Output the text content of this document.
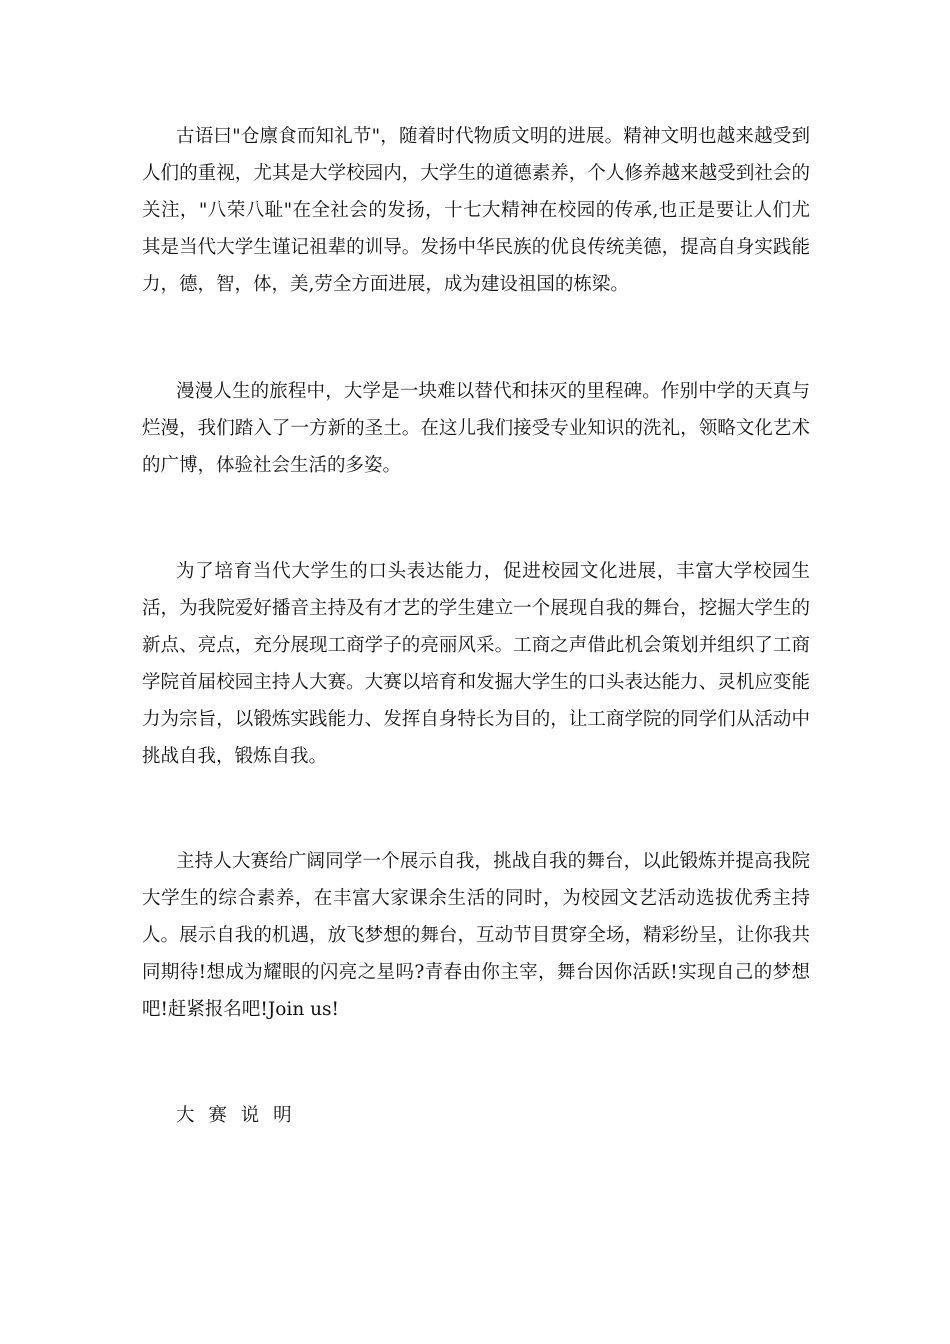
古语曰"仓廪食而知礼节"，随着时代物质文明的进展。精神文明也越来越受到人们的重视，尤其是大学校园内，大学生的道德素养，个人修养越来越受到社会的关注，"八荣八耻"在全社会的发扬，十七大精神在校园的传承,也正是要让人们尤其是当代大学生谨记祖辈的训导。发扬中华民族的优良传统美德，提高自身实践能力，德，智，体，美,劳全方面进展，成为建设祖国的栋梁。

漫漫人生的旅程中，大学是一块难以替代和抹灭的里程碑。作别中学的天真与烂漫，我们踏入了一方新的圣土。在这儿我们接受专业知识的洗礼，领略文化艺术的广博，体验社会生活的多姿。

为了培育当代大学生的口头表达能力，促进校园文化进展，丰富大学校园生活，为我院爱好播音主持及有才艺的学生建立一个展现自我的舞台，挖掘大学生的新点、亮点，充分展现工商学子的亮丽风采。工商之声借此机会策划并组织了工商学院首届校园主持人大赛。大赛以培育和发掘大学生的口头表达能力、灵机应变能力为宗旨，以锻炼实践能力、发挥自身特长为目的，让工商学院的同学们从活动中挑战自我，锻炼自我。

主持人大赛给广阔同学一个展示自我，挑战自我的舞台，以此锻炼并提高我院大学生的综合素养，在丰富大家课余生活的同时，为校园文艺活动选拔优秀主持人。展示自我的机遇，放飞梦想的舞台，互动节目贯穿全场，精彩纷呈，让你我共同期待!想成为耀眼的闪亮之星吗?青春由你主宰，舞台因你活跃!实现自己的梦想吧!赶紧报名吧!Join us!

大 赛 说 明
